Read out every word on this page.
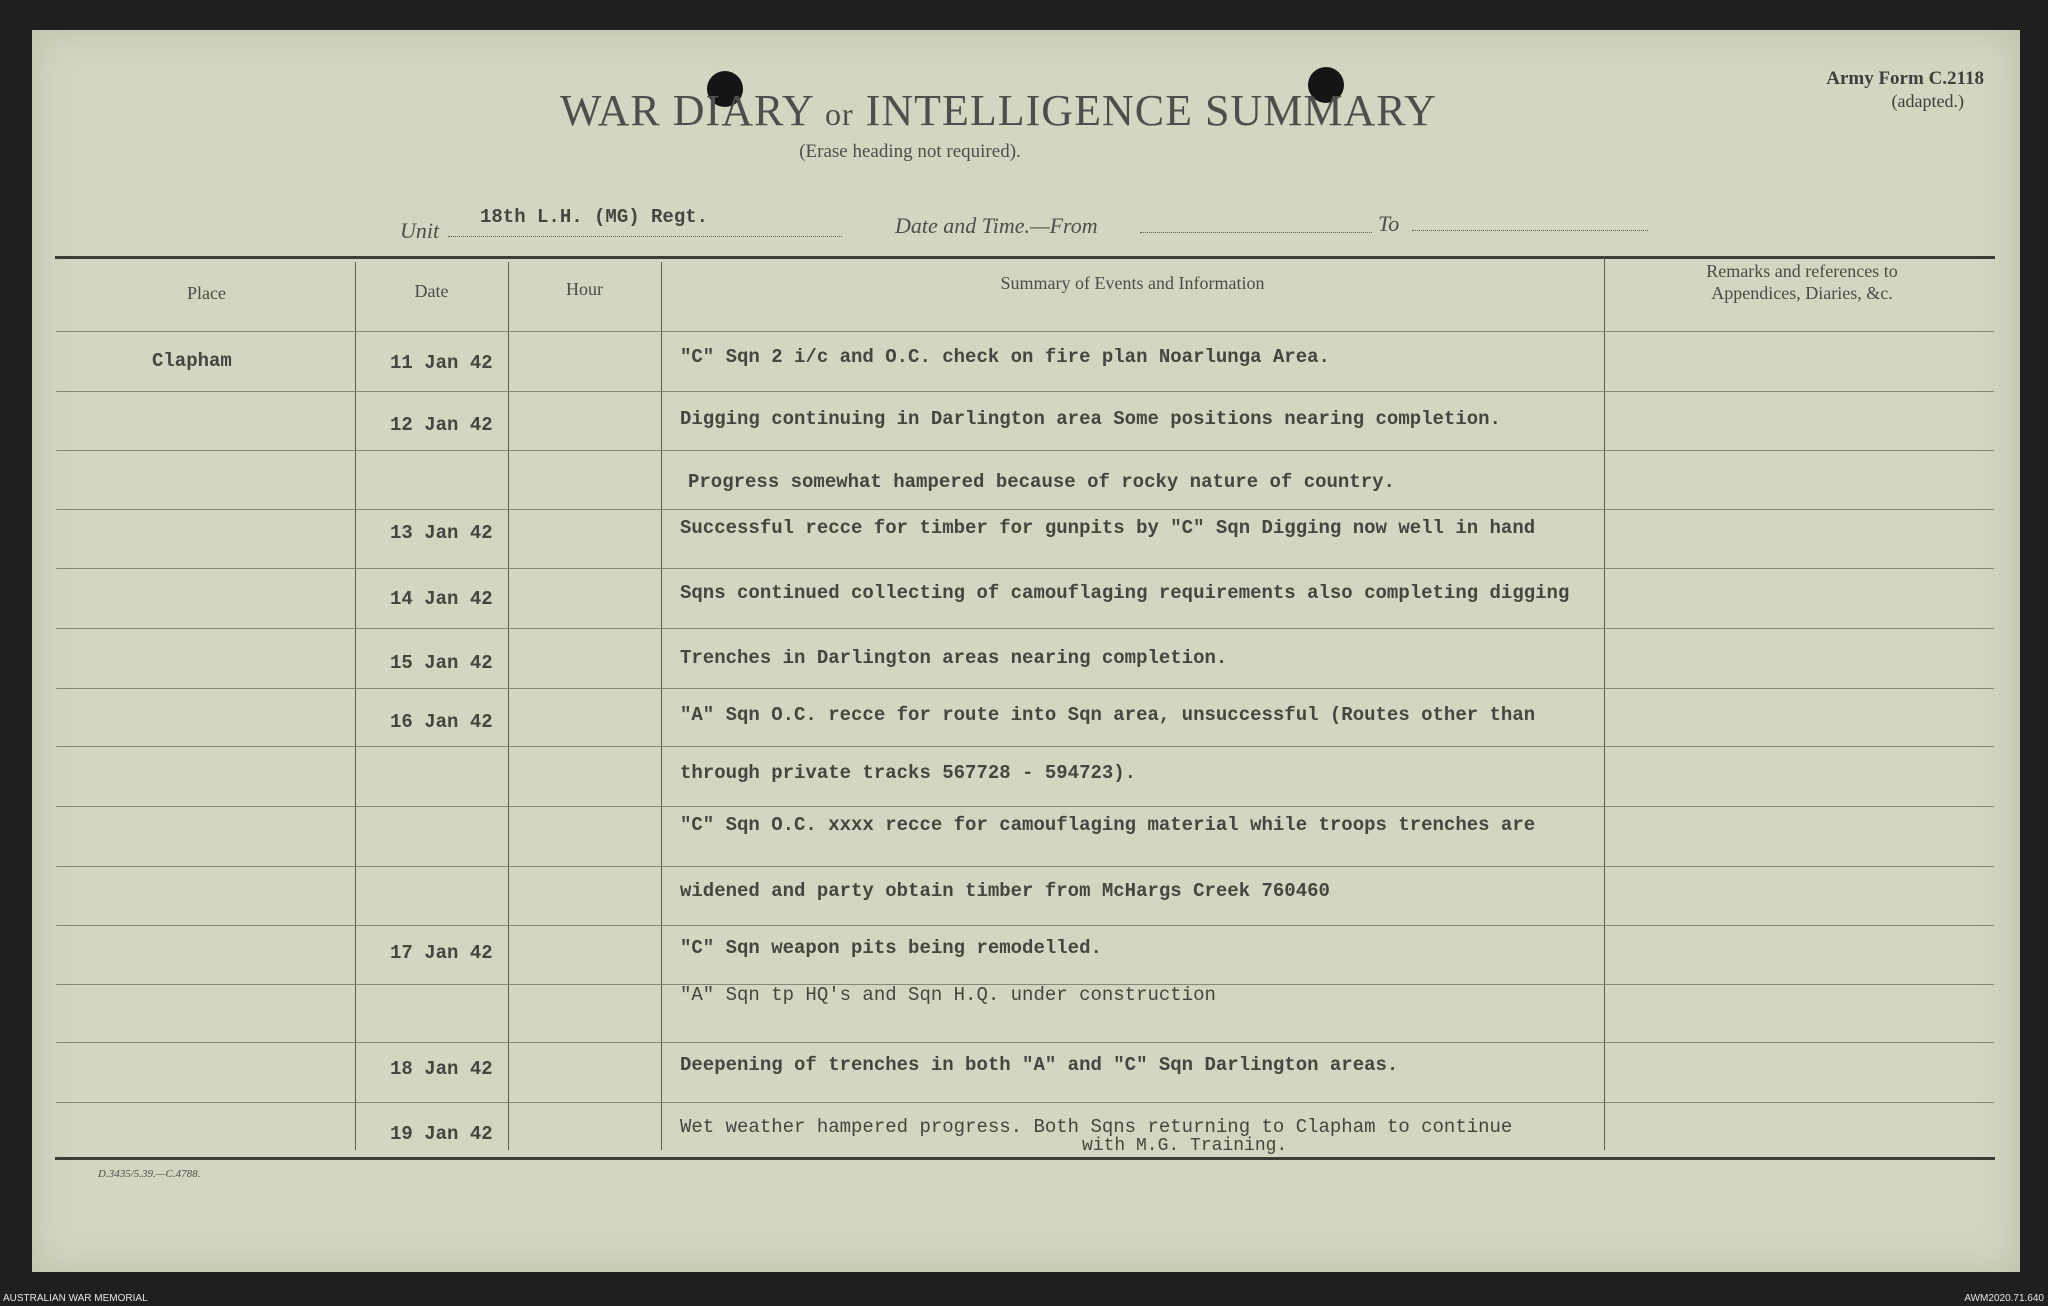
WAR DIARY or INTELLIGENCE SUMMARY
(Erase heading not required).
Army Form C.2118
(adapted.)
Unit
18th L.H. (MG) Regt.	Date and Time.—From	To
Place	Date	Hour	Summary of Events and Information
Remarks and references to
Appendices, Diaries, &c.
Clapham	11 Jan 42	"C" Sqn 2 i/c and O.C. check on fire plan Noarlunga Area.
12 Jan 42	Digging continuing in Darlington area Some positions nearing completion.
Progress somewhat hampered because of rocky nature of country.
13 Jan 42	Successful recce for timber for gunpits by "C" Sqn Digging now well in hand
14 Jan 42	Sqns continued collecting of camouflaging requirements also completing digging
15 Jan 42	Trenches in Darlington areas nearing completion.
16 Jan 42	"A" Sqn O.C. recce for route into Sqn area, unsuccessful (Routes other than
through private tracks 567728 - 594723).
"C" Sqn O.C. xxxx recce for camouflaging material while troops trenches are
widened and party obtain timber from McHargs Creek 760460
17 Jan 42	"C" Sqn weapon pits being remodelled.
"A" Sqn tp HQ's and Sqn H.Q. under construction
18 Jan 42	Deepening of trenches in both "A" and "C" Sqn Darlington areas.
19 Jan 42	Wet weather hampered progress. Both Sqns returning to Clapham to continue
with M.G. Training.
D.3435/5.39.—C.4788.
AUSTRALIAN WAR MEMORIAL	AWM2020.71.640
